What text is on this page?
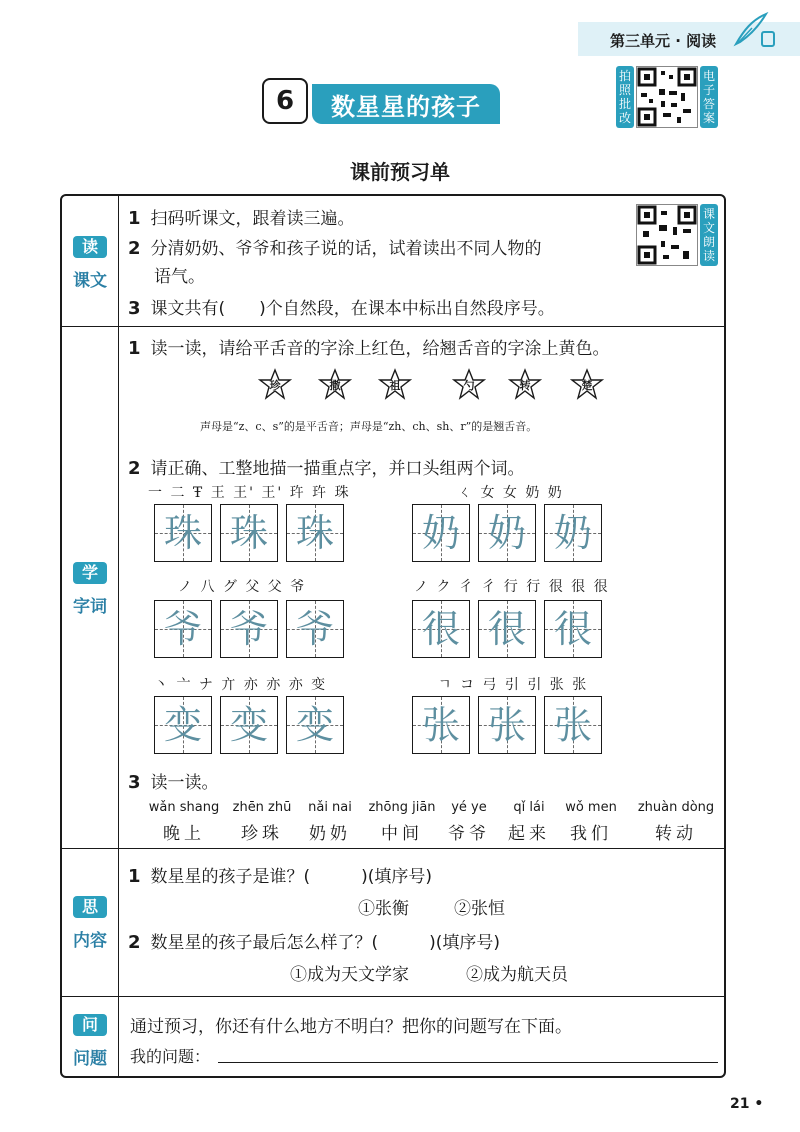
第三单元 · 阅读
6	数星星的孩子
拍照批改
电子答案
课前预习单
读
课文
1 扫码听课文，跟着读三遍。
2 分清奶奶、爷爷和孩子说的话，试着读出不同人物的
语气。
3 课文共有(　　)个自然段，在课本中标出自然段序号。
课文朗读
学
字词
1 读一读，请给平舌音的字涂上红色，给翘舌音的字涂上黄色。
珍	撒	祖	勺	转	楚
声母是“z、c、s”的是平舌音；声母是“zh、ch、sh、r”的是翘舌音。
2 请正确、工整地描一描重点字，并口头组两个词。
一 二 Ŧ 王 王' 王' 玝 玝 珠
珠 珠 珠
ㄑ 女 女 奶 奶
奶 奶 奶
ノ 八 グ 父 父 爷
爷 爷 爷
ノ ク 彳 彳 行 行 很 很 很
很 很 很
丶 亠 ナ 亣 亦 亦 亦 变
变 变 变
ㄱ コ 弓 引 引 张 张
张 张 张
3 读一读。
wǎn shang
晚上
zhēn zhū
珍珠
nǎi nai
奶奶
zhōng jiān
中间
yé ye
爷爷
qǐ lái
起来
wǒ men
我们
zhuàn dòng
转动
思
内容
1 数星星的孩子是谁？(　　　)(填序号)
①张衡	②张恒
2 数星星的孩子最后怎么样了？(　　　)(填序号)
①成为天文学家	②成为航天员
问
问题
通过预习，你还有什么地方不明白？把你的问题写在下面。
我的问题：
21 •
